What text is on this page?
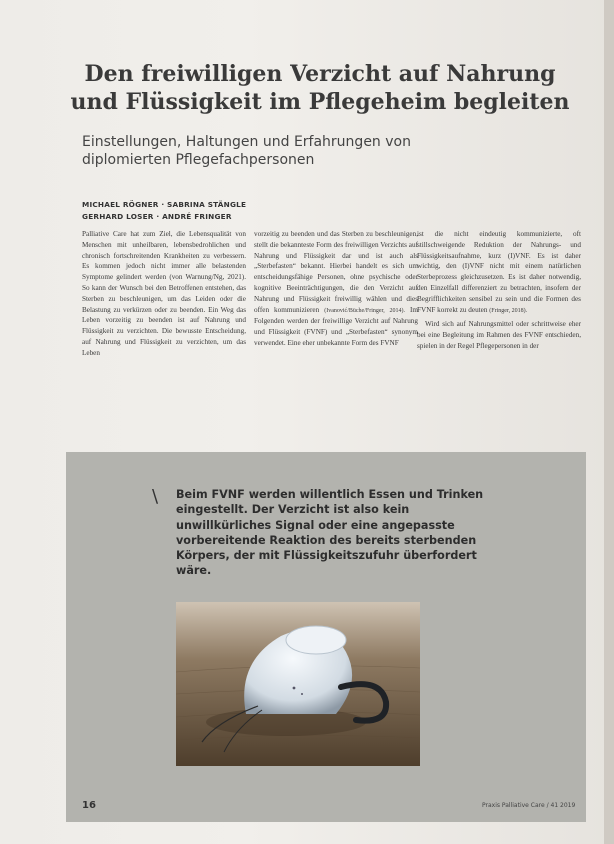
Den freiwilligen Verzicht auf Nahrung und Flüssigkeit im Pflegeheim begleiten

Einstellungen, Haltungen und Erfahrungen von diplomierten Pflegefachpersonen

MICHAEL RÖGNER · SABRINA STÄNGLE
GERHARD LOSER · ANDRÉ FRINGER

Palliative Care hat zum Ziel, die Lebensqualität von Menschen mit unheilbaren, lebensbedrohlichen und chronisch fortschreitenden Krankheiten zu verbessern. Es kommen jedoch nicht immer alle belastenden Symptome gelindert werden (von Warnung/Ng, 2021). So kann der Wunsch bei den Betroffenen entstehen, das Sterben zu beschleunigen, um das Leiden oder die Belastung zu verkürzen oder zu beenden. Ein Weg das Leben vorzeitig zu beenden ist auf Nahrung und Flüssigkeit zu verzichten. Die bewusste Entscheidung, auf Nahrung und Flüssigkeit zu verzichten, um das Leben

vorzeitig zu beenden und das Sterben zu beschleunigen, stellt die bekannteste Form des freiwilligen Verzichts auf Nahrung und Flüssigkeit dar und ist auch als „Sterbefasten“ bekannt. Hierbei handelt es sich um entscheidungsfähige Personen, ohne psychische oder kognitive Beeinträchtigungen, die den Verzicht auf Nahrung und Flüssigkeit freiwillig wählen und dies offen kommunizieren (Ivanović/Büche/Fringer, 2014). Im Folgenden werden der freiwillige Verzicht auf Nahrung und Flüssigkeit (FVNF) und „Sterbefasten“ synonym verwendet. Eine eher unbekannte Form des FVNF

ist die nicht eindeutig kommunizierte, oft stillschweigende Reduktion der Nahrungs- und Flüssigkeitsaufnahme, kurz (I)VNF. Es ist daher wichtig, den (I)VNF nicht mit einem natürlichen Sterbeprozess gleichzusetzen. Es ist daher notwendig, den Einzelfall differenziert zu betrachten, insofern der Begrifflichkeiten sensibel zu sein und die Formen des FVNF korrekt zu deuten (Fringer, 2018).

Wird sich auf Nahrungsmittel oder schrittweise eher bei eine Begleitung im Rahmen des FVNF entschieden, spielen in der Regel Pflegepersonen in der

\ Beim FVNF werden willentlich Essen und Trinken eingestellt. Der Verzicht ist also kein unwillkürliches Signal oder eine angepasste vorbereitende Reaktion des bereits sterbenden Körpers, der mit Flüssigkeitszufuhr überfordert wäre.

16	Praxis Palliative Care / 41 2019
